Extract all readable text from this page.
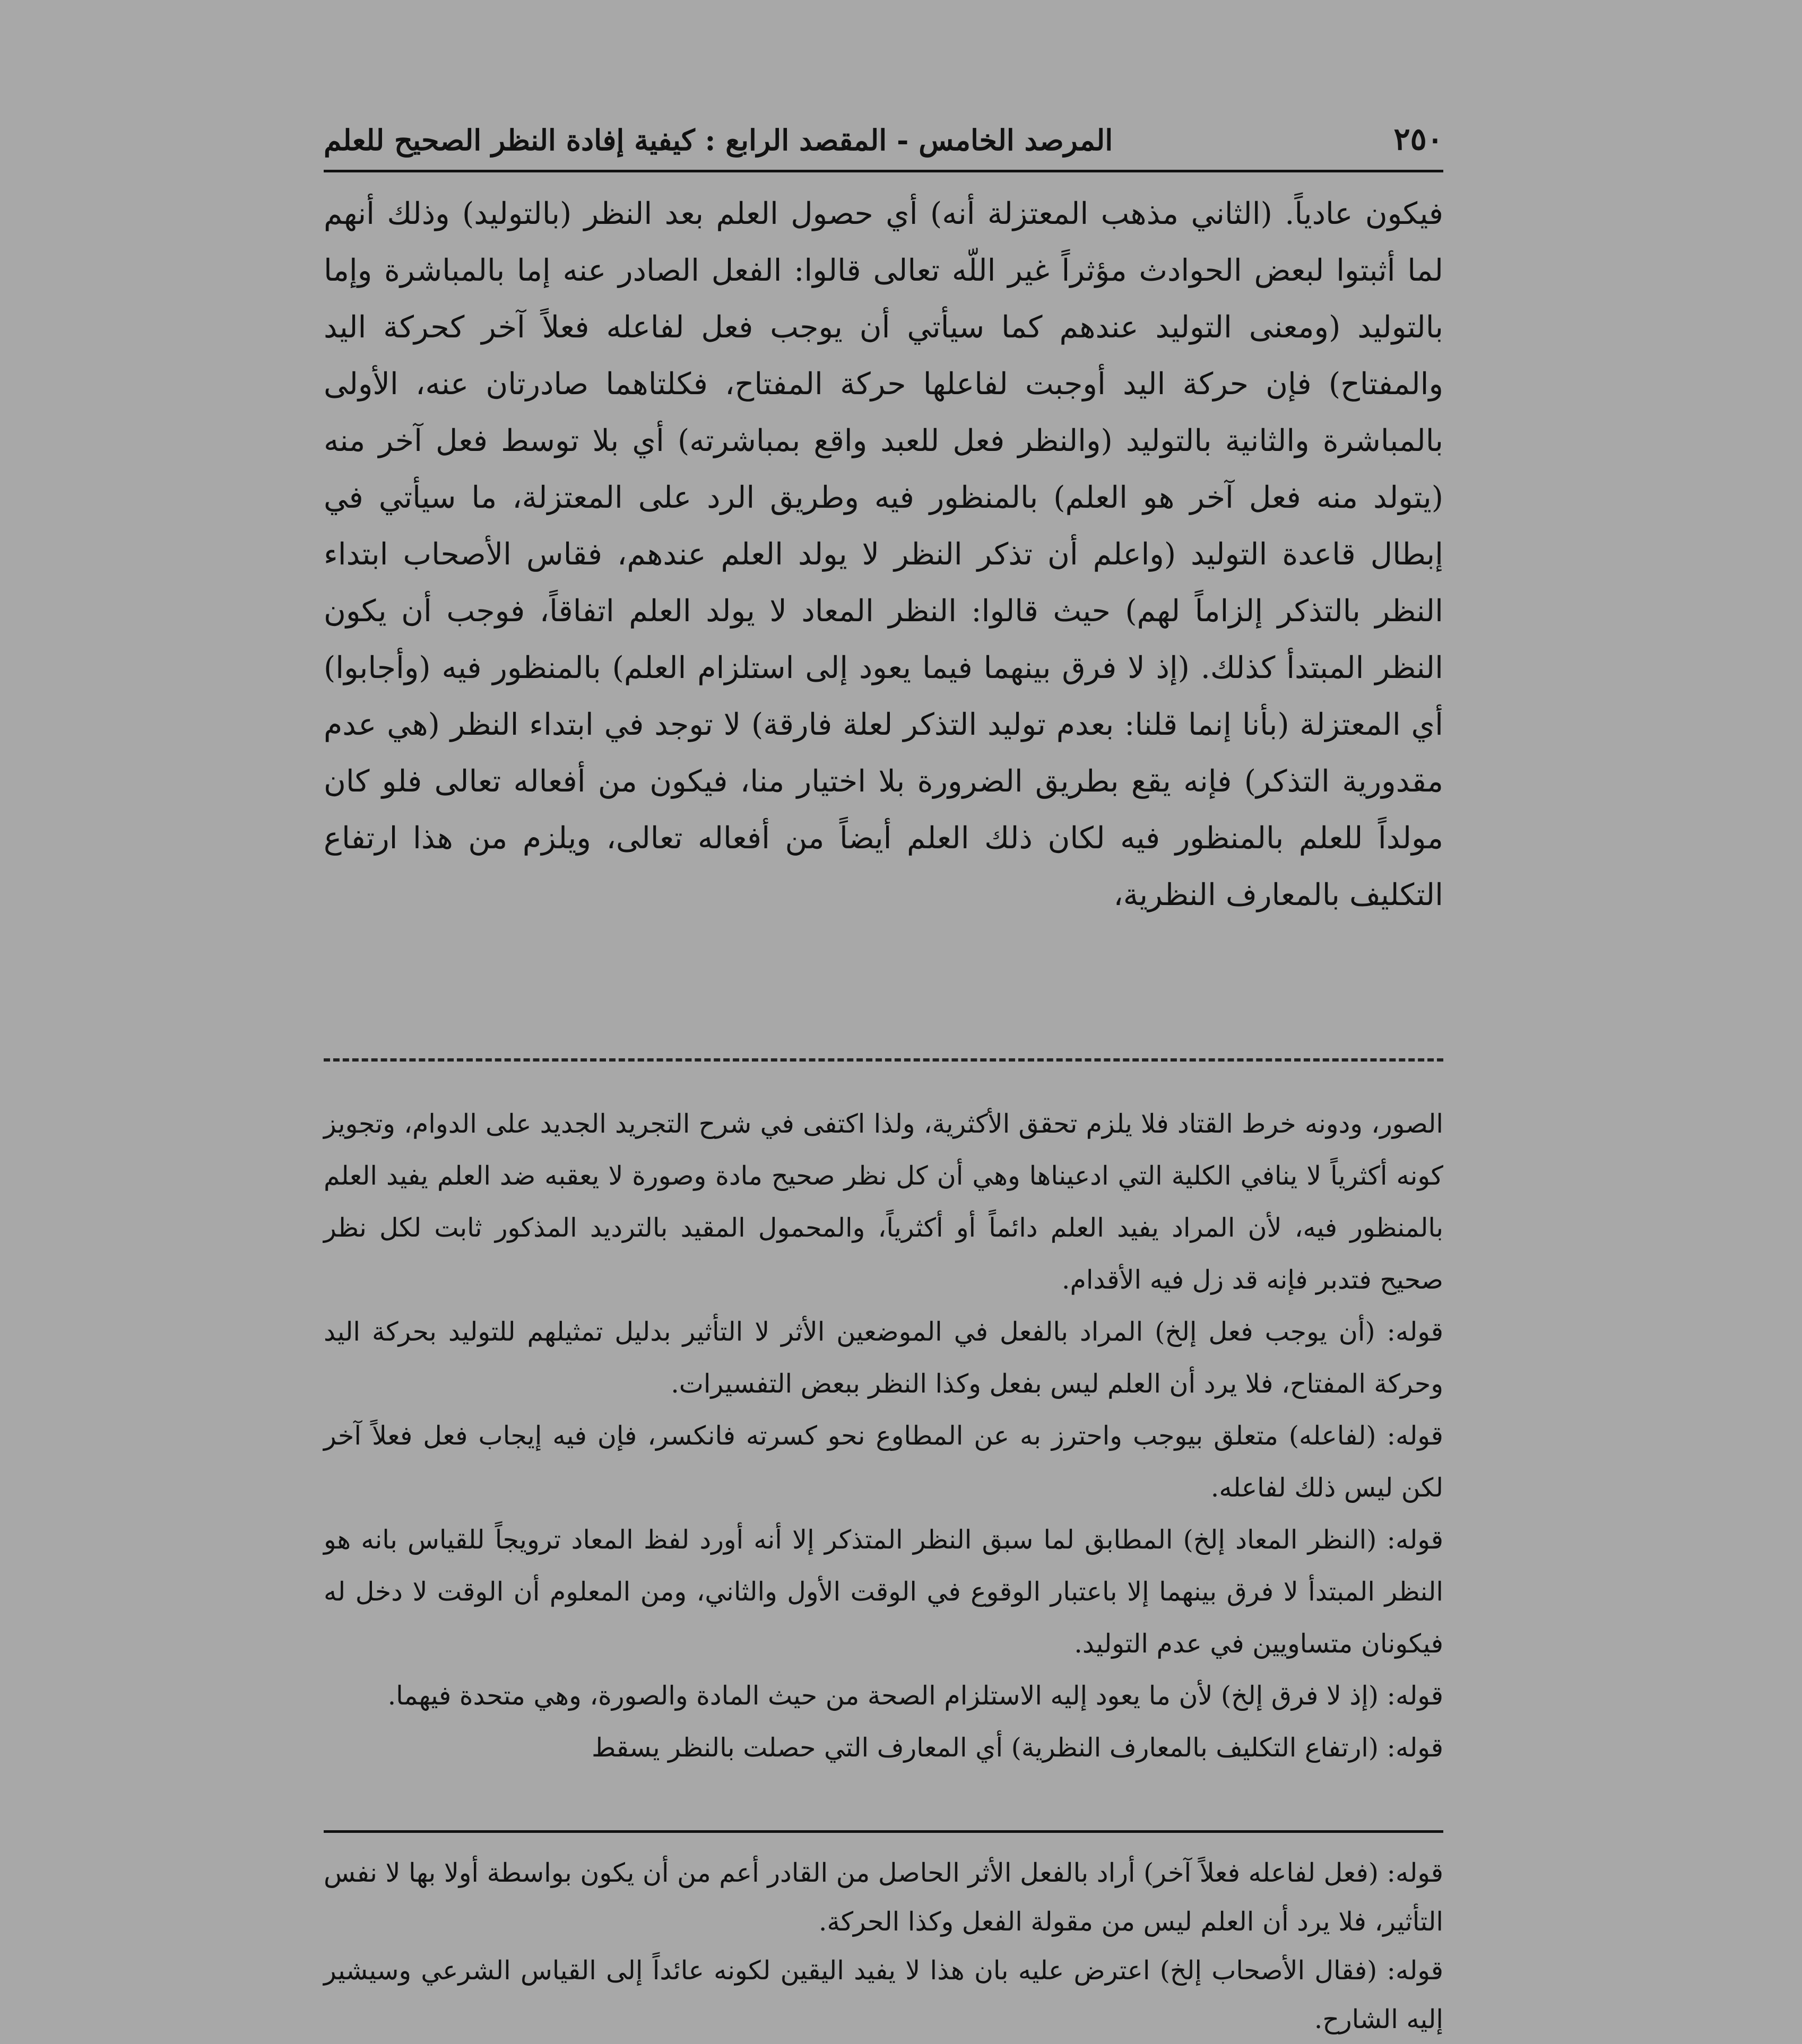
٢٥٠
المرصد الخامس - المقصد الرابع : كيفية إفادة النظر الصحيح للعلم
فيكون عادياً. (الثاني مذهب المعتزلة أنه) أي حصول العلم بعد النظر (بالتوليد) وذلك أنهم لما أثبتوا لبعض الحوادث مؤثراً غير اللّه تعالى قالوا: الفعل الصادر عنه إما بالمباشرة وإما بالتوليد (ومعنى التوليد عندهم كما سيأتي أن يوجب فعل لفاعله فعلاً آخر كحركة اليد والمفتاح) فإن حركة اليد أوجبت لفاعلها حركة المفتاح، فكلتاهما صادرتان عنه، الأولى بالمباشرة والثانية بالتوليد (والنظر فعل للعبد واقع بمباشرته) أي بلا توسط فعل آخر منه (يتولد منه فعل آخر هو العلم) بالمنظور فيه وطريق الرد على المعتزلة، ما سيأتي في إبطال قاعدة التوليد (واعلم أن تذكر النظر لا يولد العلم عندهم، فقاس الأصحاب ابتداء النظر بالتذكر إلزاماً لهم) حيث قالوا: النظر المعاد لا يولد العلم اتفاقاً، فوجب أن يكون النظر المبتدأ كذلك. (إذ لا فرق بينهما فيما يعود إلى استلزام العلم) بالمنظور فيه (وأجابوا) أي المعتزلة (بأنا إنما قلنا: بعدم توليد التذكر لعلة فارقة) لا توجد في ابتداء النظر (هي عدم مقدورية التذكر) فإنه يقع بطريق الضرورة بلا اختيار منا، فيكون من أفعاله تعالى فلو كان مولداً للعلم بالمنظور فيه لكان ذلك العلم أيضاً من أفعاله تعالى، ويلزم من هذا ارتفاع التكليف بالمعارف النظرية،

الصور، ودونه خرط القتاد فلا يلزم تحقق الأكثرية، ولذا اكتفى في شرح التجريد الجديد على الدوام، وتجويز كونه أكثرياً لا ينافي الكلية التي ادعيناها وهي أن كل نظر صحيح مادة وصورة لا يعقبه ضد العلم يفيد العلم بالمنظور فيه، لأن المراد يفيد العلم دائماً أو أكثرياً، والمحمول المقيد بالترديد المذكور ثابت لكل نظر صحيح فتدبر فإنه قد زل فيه الأقدام.

قوله: (أن يوجب فعل إلخ) المراد بالفعل في الموضعين الأثر لا التأثير بدليل تمثيلهم للتوليد بحركة اليد وحركة المفتاح، فلا يرد أن العلم ليس بفعل وكذا النظر ببعض التفسيرات.

قوله: (لفاعله) متعلق بيوجب واحترز به عن المطاوع نحو كسرته فانكسر، فإن فيه إيجاب فعل فعلاً آخر لكن ليس ذلك لفاعله.

قوله: (النظر المعاد إلخ) المطابق لما سبق النظر المتذكر إلا أنه أورد لفظ المعاد ترويجاً للقياس بانه هو النظر المبتدأ لا فرق بينهما إلا باعتبار الوقوع في الوقت الأول والثاني، ومن المعلوم أن الوقت لا دخل له فيكونان متساويين في عدم التوليد.

قوله: (إذ لا فرق إلخ) لأن ما يعود إليه الاستلزام الصحة من حيث المادة والصورة، وهي متحدة فيهما.

قوله: (ارتفاع التكليف بالمعارف النظرية) أي المعارف التي حصلت بالنظر يسقط

قوله: (فعل لفاعله فعلاً آخر) أراد بالفعل الأثر الحاصل من القادر أعم من أن يكون بواسطة أولا بها لا نفس التأثير، فلا يرد أن العلم ليس من مقولة الفعل وكذا الحركة.

قوله: (فقال الأصحاب إلخ) اعترض عليه بان هذا لا يفيد اليقين لكونه عائداً إلى القياس الشرعي وسيشير إليه الشارح.
